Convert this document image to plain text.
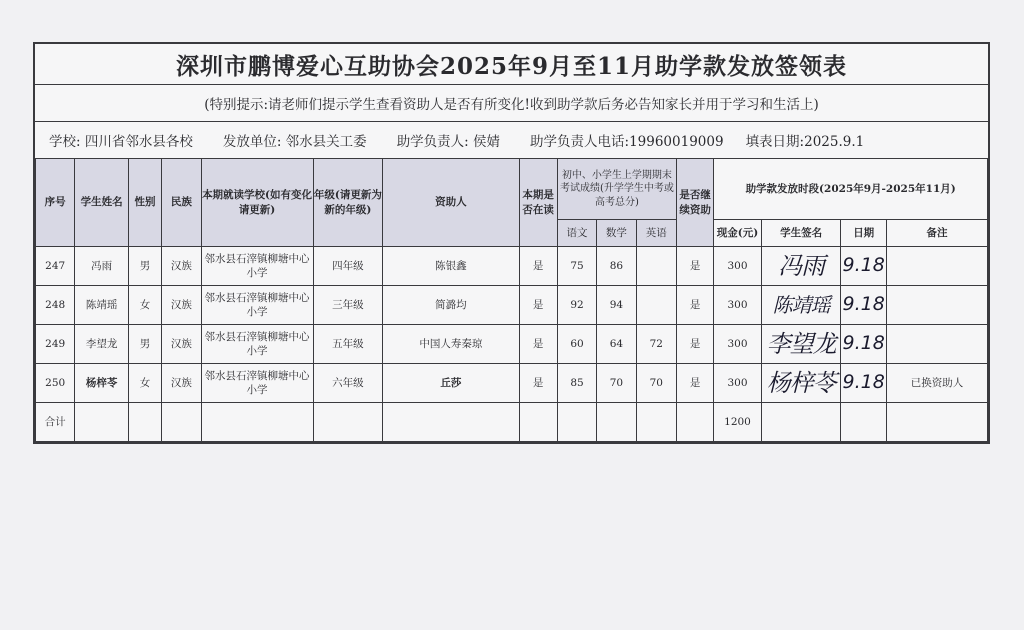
深圳市鹏博爱心互助协会2025年9月至11月助学款发放签领表
(特别提示:请老师们提示学生查看资助人是否有所变化!收到助学款后务必告知家长并用于学习和生活上)
学校: 四川省邻水县各校 发放单位: 邻水县关工委 助学负责人: 侯婧 助学负责人电话:19960019009 填表日期:2025.9.1
序号	学生姓名	性别	民族	本期就读学校(如有变化请更新)	年级(请更新为新的年级)	资助人	本期是否在读	初中、小学生上学期期末考试成绩(升学学生中考或高考总分)			是否继续资助	助学款发放时段(2025年9月-2025年11月)			
								语文	数学	英语		现金(元)	学生签名	日期	备注
247	冯雨	男	汉族	邻水县石滓镇柳塘中心小学	四年级	陈银鑫	是	75	86		是	300	冯雨	9.18	
248	陈靖瑶	女	汉族	邻水县石滓镇柳塘中心小学	三年级	简潞均	是	92	94		是	300	陈靖瑶	9.18	
249	李望龙	男	汉族	邻水县石滓镇柳塘中心小学	五年级	中国人寿秦琼	是	60	64	72	是	300	李望龙	9.18	
250	杨梓苓	女	汉族	邻水县石滓镇柳塘中心小学	六年级	丘莎	是	85	70	70	是	300	杨梓苓	9.18	已换资助人
合计												1200			
